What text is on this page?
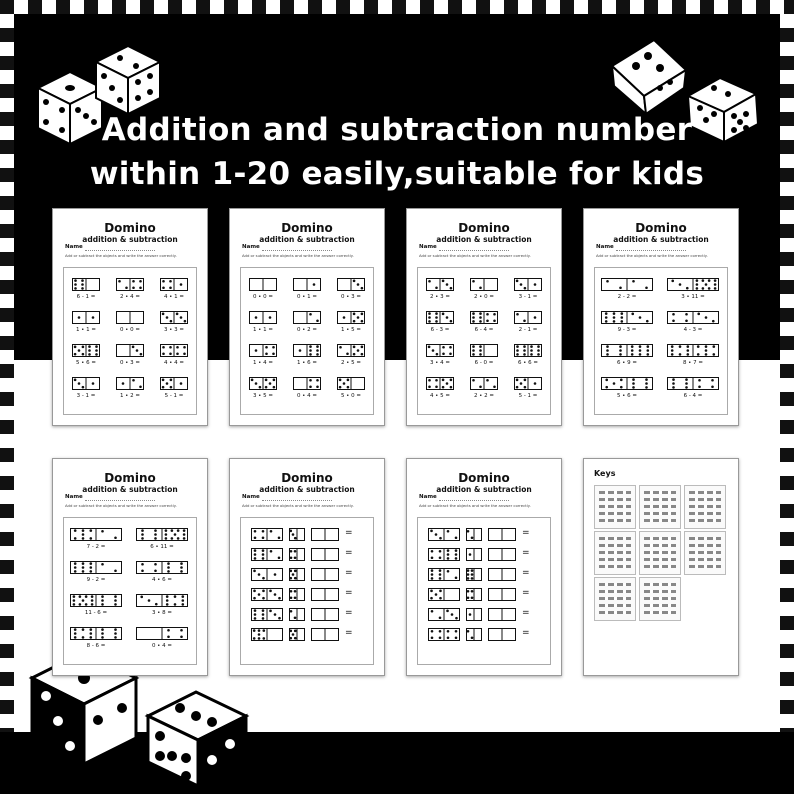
Addition and subtraction number
within 1-20 easily,suitable for kids
Domino
addition & subtraction
Name
Add or subtract the objects and write the answer correctly.
6 - 1 =	2 • 4 =	4 • 1 =
1 • 1 =	0 • 0 =	3 • 3 =
5 • 6 =	0 • 3 =	4 • 4 =
3 - 1 =	1 • 2 =	5 - 1 =
Domino
addition & subtraction
Name
Add or subtract the objects and write the answer correctly.
0 • 0 =	0 • 1 =	0 • 3 =
1 • 1 =	0 • 2 =	1 • 5 =
1 • 4 =	1 • 6 =	2 • 5 =
3 • 5 =	0 • 4 =	5 • 0 =
Domino
addition & subtraction
Name
Add or subtract the objects and write the answer correctly.
2 • 3 =	2 • 0 =	3 - 1 =
6 - 3 =	6 - 4 =	2 - 1 =
3 • 4 =	6 - 0 =	6 • 6 =
4 • 5 =	2 • 2 =	5 - 1 =
Domino
addition & subtraction
Name
Add or subtract the objects and write the answer correctly.
2 - 2 =	3 • 11 =
9 - 3 =	4 - 3 =
6 • 9 =	8 • 7 =
5 • 6 =	6 - 4 =
Domino
addition & subtraction
Name
Add or subtract the objects and write the answer correctly.
7 - 2 =	6 • 11 =
9 - 2 =	4 • 6 =
11 - 6 =	3 • 8 =
8 - 6 =	0 • 4 =
Domino
addition & subtraction
Name
Add or subtract the objects and write the answer correctly.
=
=
=
=
=
=
Domino
addition & subtraction
Name
Add or subtract the objects and write the answer correctly.
=
=
=
=
=
=
Keys
